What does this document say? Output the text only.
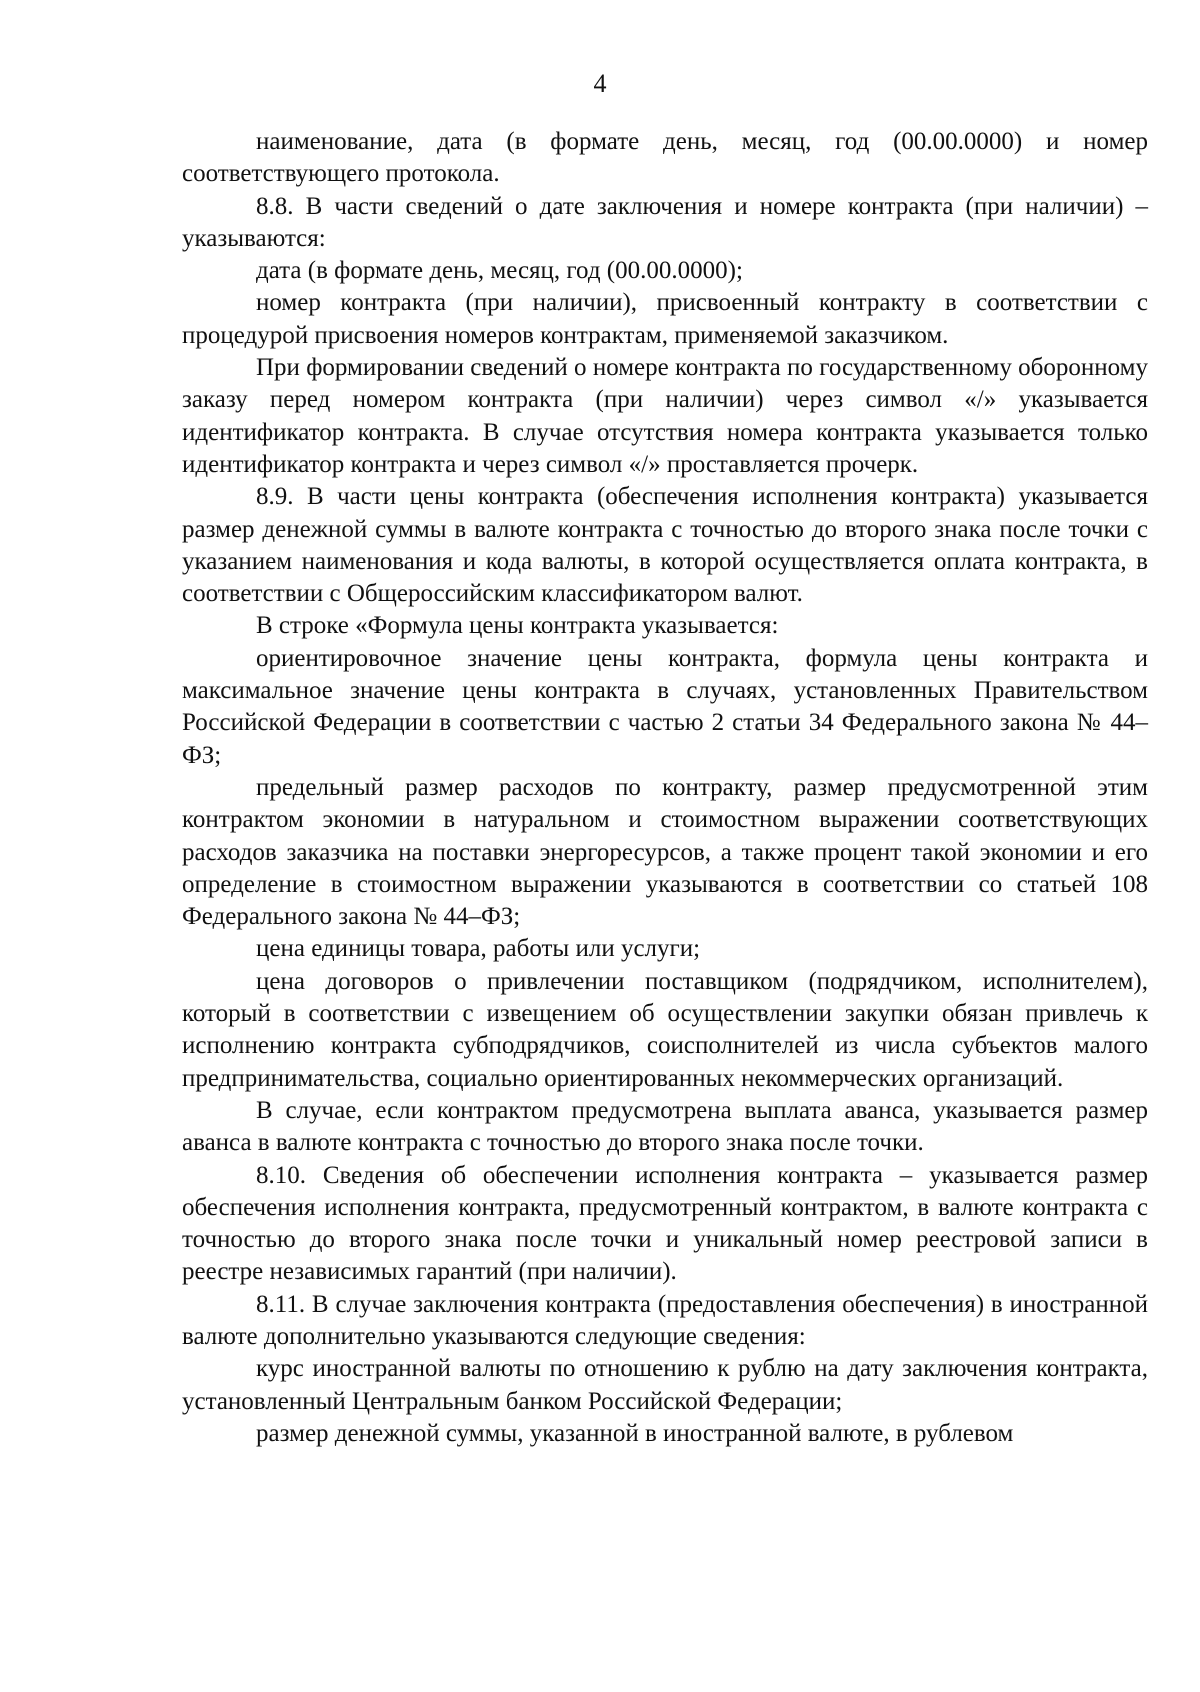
4

наименование, дата (в формате день, месяц, год (00.00.0000) и номер соответствующего протокола.

8.8. В части сведений о дате заключения и номере контракта (при наличии) – указываются:

дата (в формате день, месяц, год (00.00.0000);

номер контракта (при наличии), присвоенный контракту в соответствии с процедурой присвоения номеров контрактам, применяемой заказчиком.

При формировании сведений о номере контракта по государственному оборонному заказу перед номером контракта (при наличии) через символ «/» указывается идентификатор контракта. В случае отсутствия номера контракта указывается только идентификатор контракта и через символ «/» проставляется прочерк.

8.9. В части цены контракта (обеспечения исполнения контракта) указывается размер денежной суммы в валюте контракта с точностью до второго знака после точки с указанием наименования и кода валюты, в которой осуществляется оплата контракта, в соответствии с Общероссийским классификатором валют.

В строке «Формула цены контракта указывается:

ориентировочное значение цены контракта, формула цены контракта и максимальное значение цены контракта в случаях, установленных Правительством Российской Федерации в соответствии с частью 2 статьи 34 Федерального закона № 44–ФЗ;

предельный размер расходов по контракту, размер предусмотренной этим контрактом экономии в натуральном и стоимостном выражении соответствующих расходов заказчика на поставки энергоресурсов, а также процент такой экономии и его определение в стоимостном выражении указываются в соответствии со статьей 108 Федерального закона № 44–ФЗ;

цена единицы товара, работы или услуги;

цена договоров о привлечении поставщиком (подрядчиком, исполнителем), который в соответствии с извещением об осуществлении закупки обязан привлечь к исполнению контракта субподрядчиков, соисполнителей из числа субъектов малого предпринимательства, социально ориентированных некоммерческих организаций.

В случае, если контрактом предусмотрена выплата аванса, указывается размер аванса в валюте контракта с точностью до второго знака после точки.

8.10. Сведения об обеспечении исполнения контракта – указывается размер обеспечения исполнения контракта, предусмотренный контрактом, в валюте контракта с точностью до второго знака после точки и уникальный номер реестровой записи в реестре независимых гарантий (при наличии).

8.11. В случае заключения контракта (предоставления обеспечения) в иностранной валюте дополнительно указываются следующие сведения:

курс иностранной валюты по отношению к рублю на дату заключения контракта, установленный Центральным банком Российской Федерации;

размер денежной суммы, указанной в иностранной валюте, в рублевом
